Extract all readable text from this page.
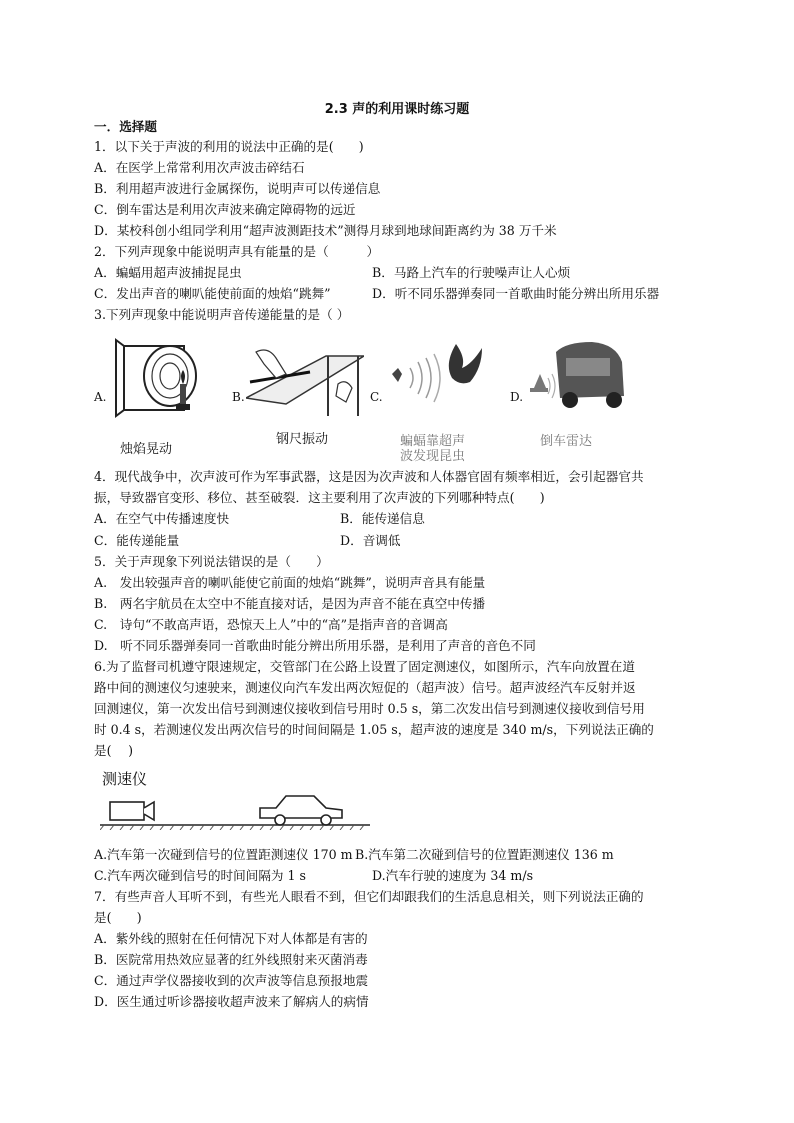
2.3 声的利用课时练习题
一．选择题
1．以下关于声波的利用的说法中正确的是(　　)
A．在医学上常常利用次声波击碎结石
B．利用超声波进行金属探伤，说明声可以传递信息
C．倒车雷达是利用次声波来确定障碍物的远近
D．某校科创小组同学利用“超声波测距技术”测得月球到地球间距离约为 38 万千米
2．下列声现象中能说明声具有能量的是（　　　）
A．蝙蝠用超声波捕捉昆虫	B．马路上汽车的行驶噪声让人心烦
C．发出声音的喇叭能使前面的烛焰“跳舞”	D．听不同乐器弹奏同一首歌曲时能分辨出所用乐器
3.下列声现象中能说明声音传递能量的是（ ）
A.
烛焰晃动
B.
钢尺振动
C.
蝙蝠靠超声
波发现昆虫
D.
倒车雷达
4．现代战争中，次声波可作为军事武器，这是因为次声波和人体器官固有频率相近，会引起器官共
振，导致器官变形、移位、甚至破裂．这主要利用了次声波的下列哪种特点(　　)
A．在空气中传播速度快	B．能传递信息
C．能传递能量	D．音调低
5．关于声现象下列说法错误的是（　　）
A.　发出较强声音的喇叭能使它前面的烛焰“跳舞”，说明声音具有能量
B.　两名宇航员在太空中不能直接对话，是因为声音不能在真空中传播
C.　诗句“不敢高声语，恐惊天上人”中的“高”是指声音的音调高
D.　听不同乐器弹奏同一首歌曲时能分辨出所用乐器，是利用了声音的音色不同
6.为了监督司机遵守限速规定，交管部门在公路上设置了固定测速仪，如图所示，汽车向放置在道
路中间的测速仪匀速驶来，测速仪向汽车发出两次短促的（超声波）信号。超声波经汽车反射并返
回测速仪，第一次发出信号到测速仪接收到信号用时 0.5 s，第二次发出信号到测速仪接收到信号用
时 0.4 s，若测速仪发出两次信号的时间间隔是 1.05 s，超声波的速度是 340 m/s，下列说法正确的
是(　 )
测速仪
A.汽车第一次碰到信号的位置距测速仪 170 m B.汽车第二次碰到信号的位置距测速仪 136 m
C.汽车两次碰到信号的时间间隔为 1 s	D.汽车行驶的速度为 34 m/s
7．有些声音人耳听不到，有些光人眼看不到，但它们却跟我们的生活息息相关，则下列说法正确的
是(　　)
A．紫外线的照射在任何情况下对人体都是有害的
B．医院常用热效应显著的红外线照射来灭菌消毒
C．通过声学仪器接收到的次声波等信息预报地震
D．医生通过听诊器接收超声波来了解病人的病情
